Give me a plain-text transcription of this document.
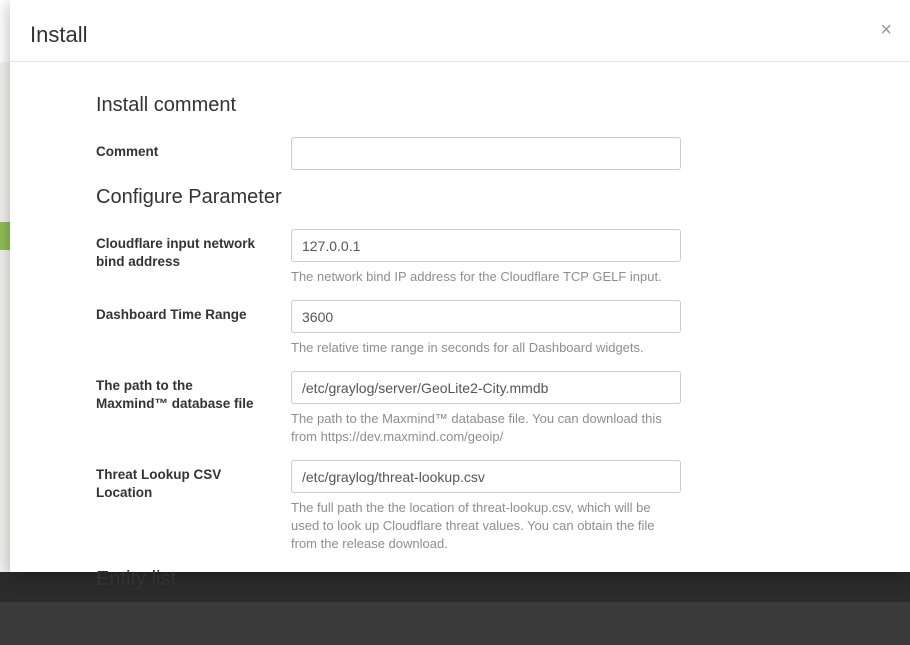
Install	×
Install comment
Comment
Configure Parameter
Cloudflare input network bind address
127.0.0.1
The network bind IP address for the Cloudflare TCP GELF input.
Dashboard Time Range
3600
The relative time range in seconds for all Dashboard widgets.
The path to the Maxmind™ database file
/etc/graylog/server/GeoLite2-City.mmdb
The path to the Maxmind™ database file. You can download this from https://dev.maxmind.com/geoip/
Threat Lookup CSV Location
/etc/graylog/threat-lookup.csv
The full path the the location of threat-lookup.csv, which will be used to look up Cloudflare threat values. You can obtain the file from the release download.
Entity list
